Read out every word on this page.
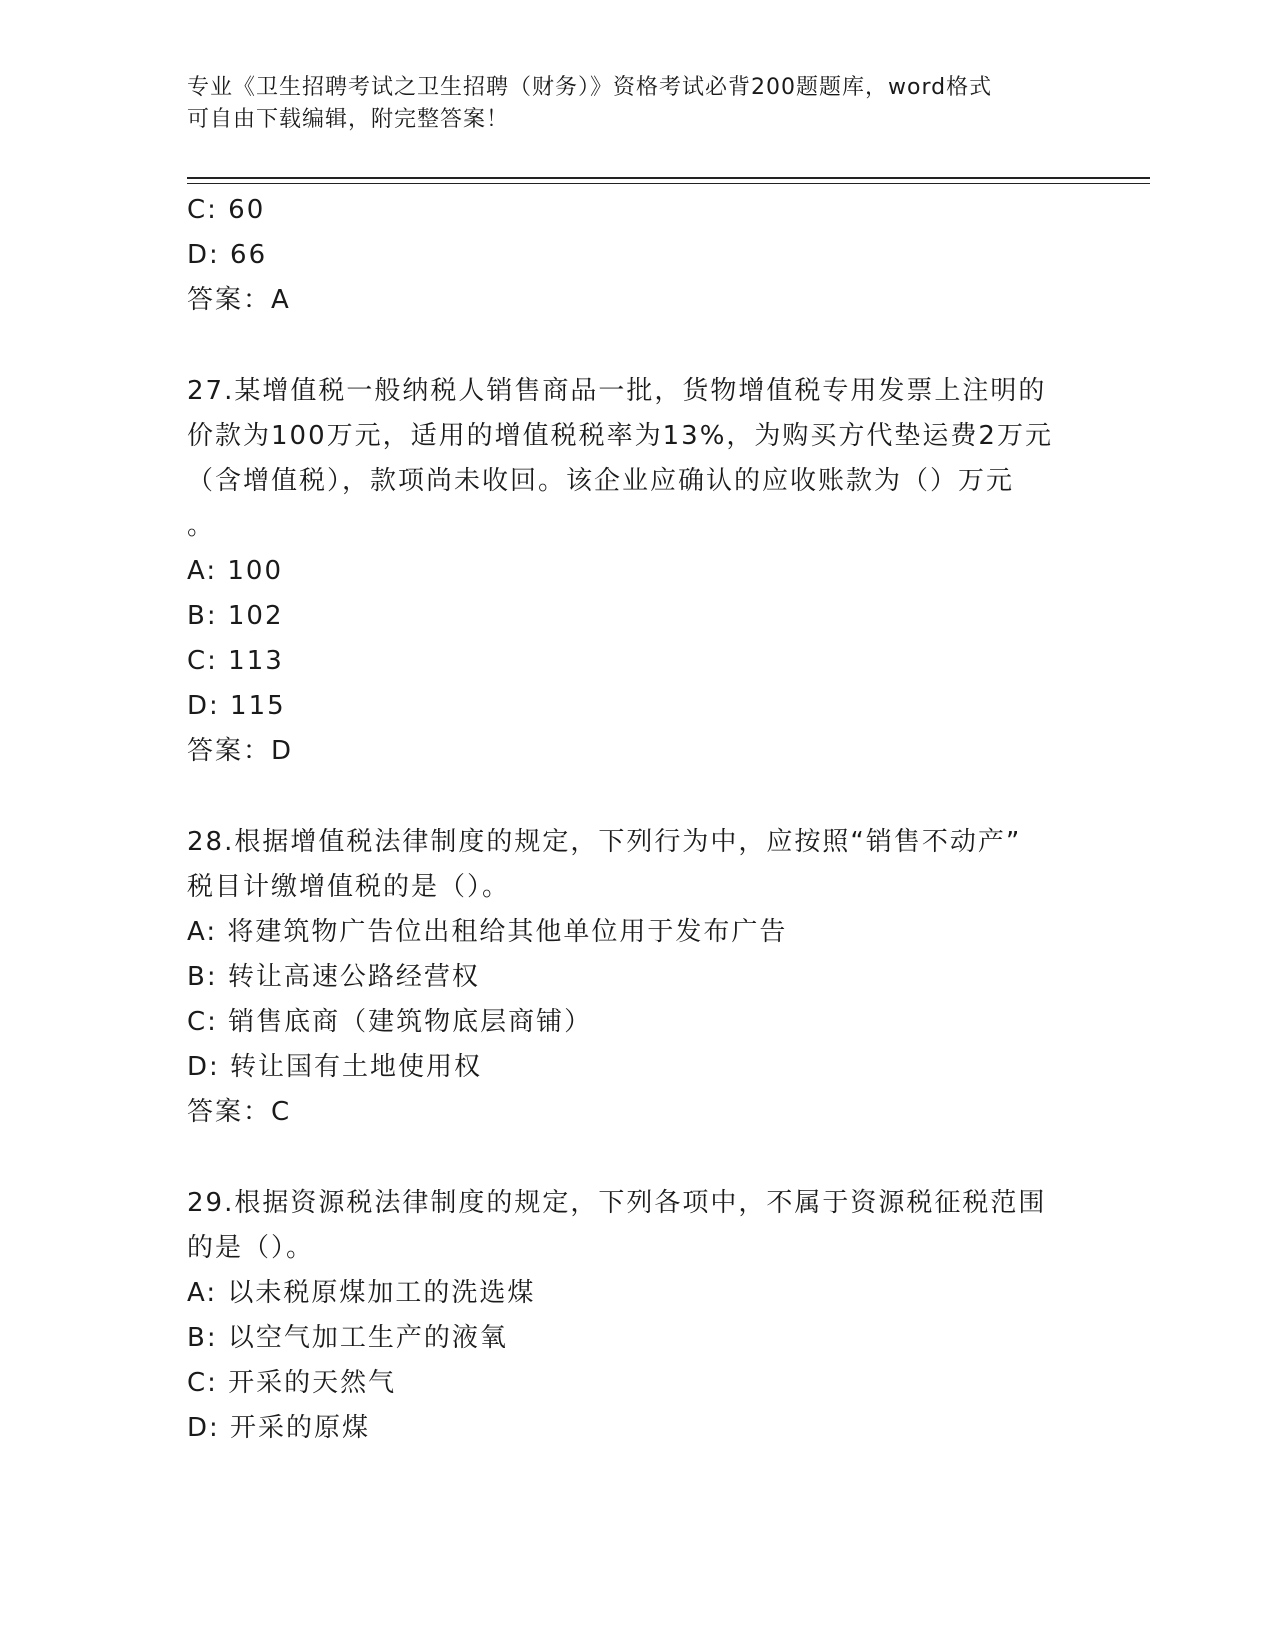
专业《卫生招聘考试之卫生招聘（财务）》资格考试必背200题题库，word格式
可自由下载编辑，附完整答案！
C: 60
D: 66
答案：A
27.某增值税一般纳税人销售商品一批，货物增值税专用发票上注明的
价款为100万元，适用的增值税税率为13%，为购买方代垫运费2万元
（含增值税），款项尚未收回。该企业应确认的应收账款为（）万元
。
A: 100
B: 102
C: 113
D: 115
答案：D
28.根据增值税法律制度的规定，下列行为中，应按照“销售不动产”
税目计缴增值税的是（）。
A: 将建筑物广告位出租给其他单位用于发布广告
B: 转让高速公路经营权
C: 销售底商（建筑物底层商铺）
D: 转让国有土地使用权
答案：C
29.根据资源税法律制度的规定，下列各项中，不属于资源税征税范围
的是（）。
A: 以未税原煤加工的洗选煤
B: 以空气加工生产的液氧
C: 开采的天然气
D: 开采的原煤
